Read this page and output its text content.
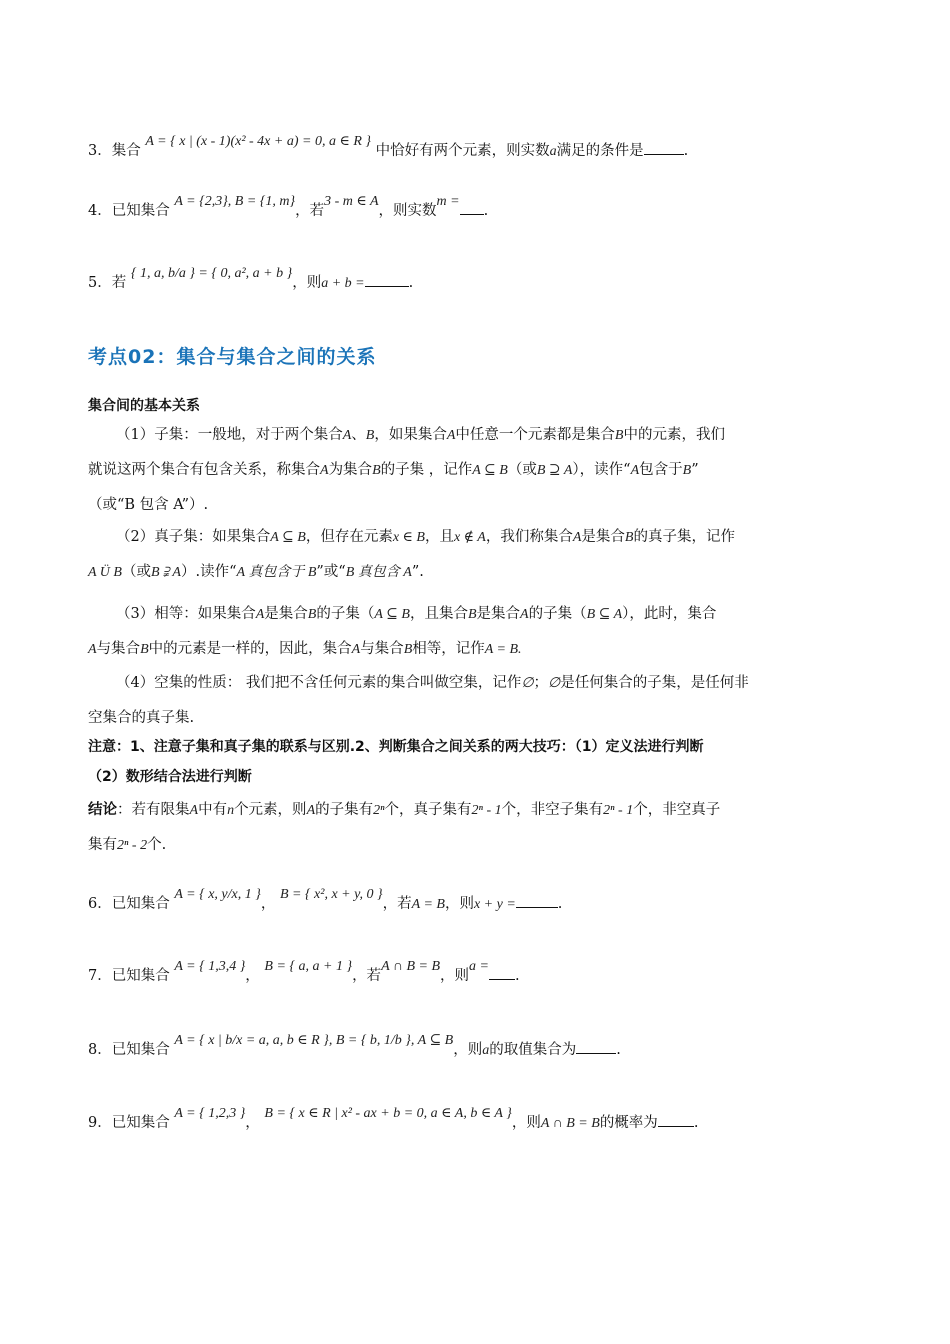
3．集合 A = { x | (x - 1)(x² - 4x + a) = 0, a ∈ R } 中恰好有两个元素，则实数a满足的条件是	.
4．已知集合 A = {2,3}, B = {1, m}，若3 - m ∈ A，则实数m =.
5．若 { 1, a, b/a } = { 0, a², a + b }，则a + b =	.
考点02：集合与集合之间的关系
集合间的基本关系
（1）子集：一般地，对于两个集合A、B，如果集合A中任意一个元素都是集合B中的元素，我们
就说这两个集合有包含关系，称集合A为集合B的子集 ，记作A ⊆ B（或B ⊇ A），读作“A包含于B”
（或“B 包含 A”）.
（2）真子集：如果集合A ⊆ B，但存在元素x ∈ B，且x ∉ A，我们称集合A是集合B的真子集，记作
A Ü B（或B ⫌ A）.读作“A 真包含于 B”或“B 真包含 A”.
（3）相等：如果集合A是集合B的子集（A ⊆ B，且集合B是集合A的子集（B ⊆ A），此时，集合
A与集合B中的元素是一样的，因此，集合A与集合B相等，记作A = B.
（4）空集的性质： 我们把不含任何元素的集合叫做空集，记作∅；∅是任何集合的子集，是任何非
空集合的真子集.
注意：1、注意子集和真子集的联系与区别.2、判断集合之间关系的两大技巧：（1）定义法进行判断
（2）数形结合法进行判断
结论：若有限集A中有n个元素，则A的子集有2ⁿ个，真子集有2ⁿ - 1个，非空子集有2ⁿ - 1个，非空真子
集有2ⁿ - 2个.
6．已知集合 A = { x, y/x, 1 }， B = { x², x + y, 0 }，若A = B，则x + y =	.
7．已知集合 A = { 1,3,4 }， B = { a, a + 1 }，若A ∩ B = B，则a =.
8．已知集合 A = { x | b/x = a, a, b ∈ R }, B = { b, 1/b }, A ⊆ B，则a的取值集合为	.
9．已知集合 A = { 1,2,3 }， B = { x ∈ R | x² - ax + b = 0, a ∈ A, b ∈ A }，则A ∩ B = B的概率为 .
